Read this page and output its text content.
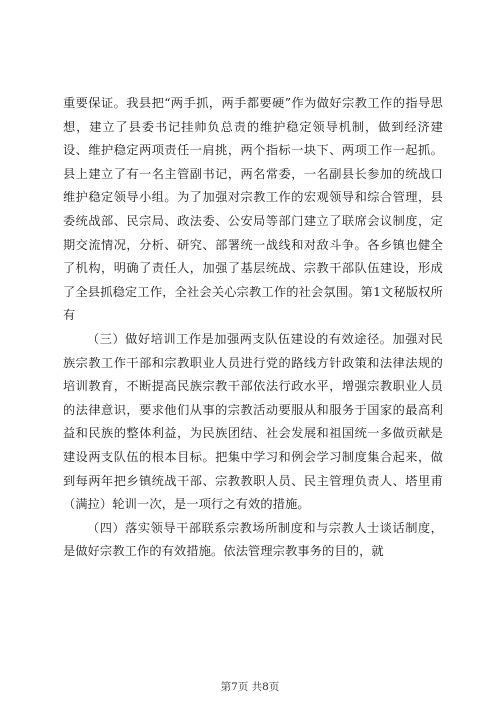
重要保证。我县把“两手抓，两手都要硬”作为做好宗教工作的指导思想，建立了县委书记挂帅负总责的维护稳定领导机制，做到经济建设、维护稳定两项责任一肩挑，两个指标一块下、两项工作一起抓。县上建立了有一名主管副书记，两名常委，一名副县长参加的统战口维护稳定领导小组。为了加强对宗教工作的宏观领导和综合管理，县委统战部、民宗局、政法委、公安局等部门建立了联席会议制度，定期交流情况，分析、研究、部署统一战线和对敌斗争。各乡镇也健全了机构，明确了责任人，加强了基层统战、宗教干部队伍建设，形成了全县抓稳定工作，全社会关心宗教工作的社会氛围。第1文秘版权所有

（三）做好培训工作是加强两支队伍建设的有效途径。加强对民族宗教工作干部和宗教职业人员进行党的路线方针政策和法律法规的培训教育，不断提高民族宗教干部依法行政水平，增强宗教职业人员的法律意识，要求他们从事的宗教活动要服从和服务于国家的最高利益和民族的整体利益，为民族团结、社会发展和祖国统一多做贡献是建设两支队伍的根本目标。把集中学习和例会学习制度集合起来，做到每两年把乡镇统战干部、宗教教职人员、民主管理负责人、塔里甫（满拉）轮训一次，是一项行之有效的措施。

（四）落实领导干部联系宗教场所制度和与宗教人士谈话制度，是做好宗教工作的有效措施。依法管理宗教事务的目的，就

第7页 共8页
